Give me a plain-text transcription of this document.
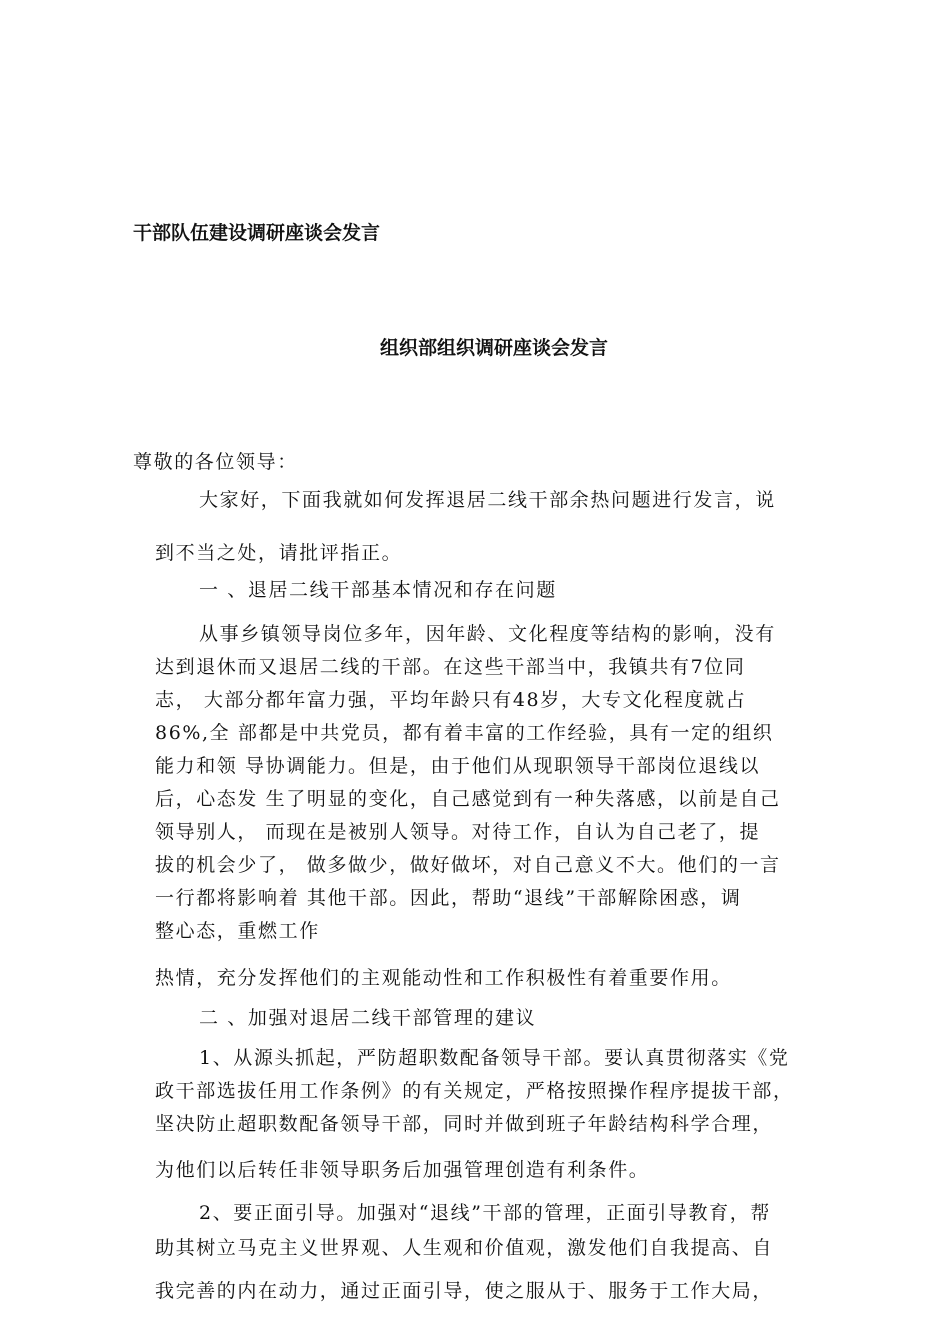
干部队伍建设调研座谈会发言
组织部组织调研座谈会发言
尊敬的各位领导：
大家好，下面我就如何发挥退居二线干部余热问题进行发言，说
到不当之处，请批评指正。
一 、退居二线干部基本情况和存在问题
从事乡镇领导岗位多年，因年龄、文化程度等结构的影响，没有
达到退休而又退居二线的干部。在这些干部当中，我镇共有7位同
志， 大部分都年富力强，平均年龄只有48岁，大专文化程度就占
86%,全 部都是中共党员，都有着丰富的工作经验，具有一定的组织
能力和领 导协调能力。但是，由于他们从现职领导干部岗位退线以
后，心态发 生了明显的变化，自己感觉到有一种失落感，以前是自己
领导别人， 而现在是被别人领导。对待工作，自认为自己老了，提
拔的机会少了， 做多做少，做好做坏，对自己意义不大。他们的一言
一行都将影响着 其他干部。因此，帮助“退线”干部解除困惑，调
整心态，重燃工作
热情，充分发挥他们的主观能动性和工作积极性有着重要作用。
二 、加强对退居二线干部管理的建议
1、从源头抓起，严防超职数配备领导干部。要认真贯彻落实《党
政干部选拔任用工作条例》的有关规定，严格按照操作程序提拔干部，
坚决防止超职数配备领导干部，同时并做到班子年龄结构科学合理，
为他们以后转任非领导职务后加强管理创造有利条件。
2、要正面引导。加强对“退线”干部的管理，正面引导教育，帮
助其树立马克主义世界观、人生观和价值观，激发他们自我提高、自
我完善的内在动力，通过正面引导，使之服从于、服务于工作大局，
